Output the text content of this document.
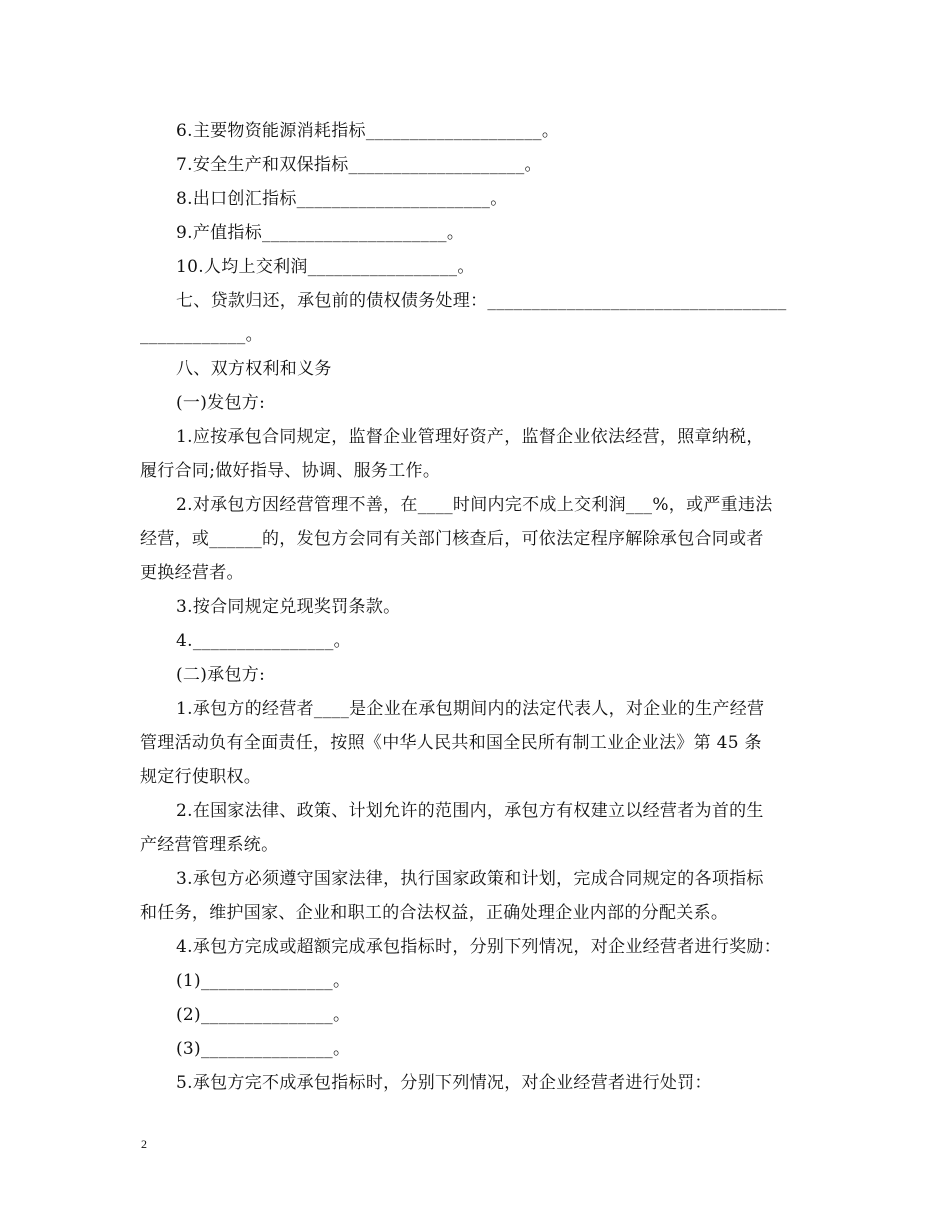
6.主要物资能源消耗指标____________________。
7.安全生产和双保指标____________________。
8.出口创汇指标______________________。
9.产值指标_____________________。
10.人均上交利润_________________。
七、贷款归还，承包前的债权债务处理：__________________________________
____________。
八、双方权利和义务
(一)发包方:
1.应按承包合同规定，监督企业管理好资产，监督企业依法经营，照章纳税，
履行合同;做好指导、协调、服务工作。
2.对承包方因经营管理不善，在____时间内完不成上交利润___%，或严重违法
经营，或______的，发包方会同有关部门核查后，可依法定程序解除承包合同或者
更换经营者。
3.按合同规定兑现奖罚条款。
4.________________。
(二)承包方:
1.承包方的经营者____是企业在承包期间内的法定代表人，对企业的生产经营
管理活动负有全面责任，按照《中华人民共和国全民所有制工业企业法》第 45 条
规定行使职权。
2.在国家法律、政策、计划允许的范围内，承包方有权建立以经营者为首的生
产经营管理系统。
3.承包方必须遵守国家法律，执行国家政策和计划，完成合同规定的各项指标
和任务，维护国家、企业和职工的合法权益，正确处理企业内部的分配关系。
4.承包方完成或超额完成承包指标时，分别下列情况，对企业经营者进行奖励：
(1)_______________。
(2)_______________。
(3)_______________。
5.承包方完不成承包指标时，分别下列情况，对企业经营者进行处罚：
2
